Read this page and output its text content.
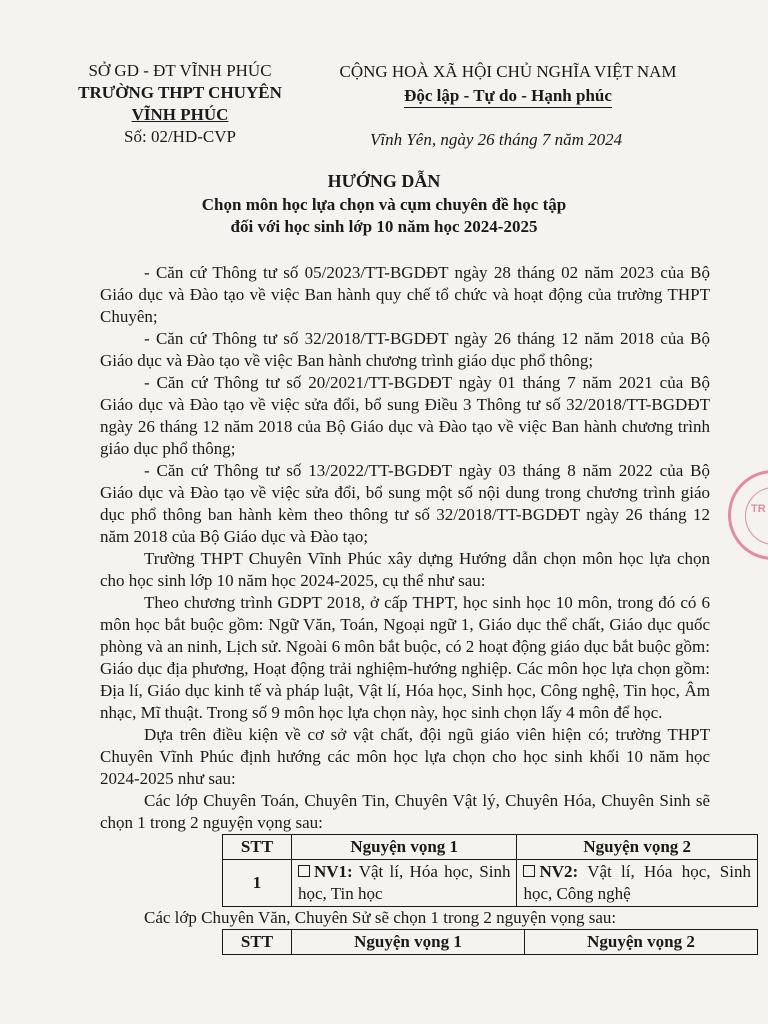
SỞ GD - ĐT VĨNH PHÚC
TRƯỜNG THPT CHUYÊN
VĨNH PHÚC
Số: 02/HD-CVP
CỘNG HOÀ XÃ HỘI CHỦ NGHĨA VIỆT NAM
Độc lập - Tự do - Hạnh phúc
Vĩnh Yên, ngày 26 tháng 7 năm 2024
HƯỚNG DẪN
Chọn môn học lựa chọn và cụm chuyên đề học tập
đối với học sinh lớp 10 năm học 2024-2025

- Căn cứ Thông tư số 05/2023/TT-BGDĐT ngày 28 tháng 02 năm 2023 của Bộ Giáo dục và Đào tạo về việc Ban hành quy chế tổ chức và hoạt động của trường THPT Chuyên;

- Căn cứ Thông tư số 32/2018/TT-BGDĐT ngày 26 tháng 12 năm 2018 của Bộ Giáo dục và Đào tạo về việc Ban hành chương trình giáo dục phổ thông;

- Căn cứ Thông tư số 20/2021/TT-BGDĐT ngày 01 tháng 7 năm 2021 của Bộ Giáo dục và Đào tạo về việc sửa đổi, bổ sung Điều 3 Thông tư số 32/2018/TT-BGDĐT ngày 26 tháng 12 năm 2018 của Bộ Giáo dục và Đào tạo về việc Ban hành chương trình giáo dục phổ thông;

- Căn cứ Thông tư số 13/2022/TT-BGDĐT ngày 03 tháng 8 năm 2022 của Bộ Giáo dục và Đào tạo về việc sửa đổi, bổ sung một số nội dung trong chương trình giáo dục phổ thông ban hành kèm theo thông tư số 32/2018/TT-BGDĐT ngày 26 tháng 12 năm 2018 của Bộ Giáo dục và Đào tạo;

Trường THPT Chuyên Vĩnh Phúc xây dựng Hướng dẫn chọn môn học lựa chọn cho học sinh lớp 10 năm học 2024-2025, cụ thể như sau:

Theo chương trình GDPT 2018, ở cấp THPT, học sinh học 10 môn, trong đó có 6 môn học bắt buộc gồm: Ngữ Văn, Toán, Ngoại ngữ 1, Giáo dục thể chất, Giáo dục quốc phòng và an ninh, Lịch sử. Ngoài 6 môn bắt buộc, có 2 hoạt động giáo dục bắt buộc gồm: Giáo dục địa phương, Hoạt động trải nghiệm-hướng nghiệp. Các môn học lựa chọn gồm: Địa lí, Giáo dục kinh tế và pháp luật, Vật lí, Hóa học, Sinh học, Công nghệ, Tin học, Âm nhạc, Mĩ thuật. Trong số 9 môn học lựa chọn này, học sinh chọn lấy 4 môn để học.

Dựa trên điều kiện về cơ sở vật chất, đội ngũ giáo viên hiện có; trường THPT Chuyên Vĩnh Phúc định hướng các môn học lựa chọn cho học sinh khối 10 năm học 2024-2025 như sau:

Các lớp Chuyên Toán, Chuyên Tin, Chuyên Vật lý, Chuyên Hóa, Chuyên Sinh sẽ chọn 1 trong 2 nguyện vọng sau:

STT	Nguyện vọng 1	Nguyện vọng 2
1	NV1: Vật lí, Hóa học, Sinh học, Tin học	NV2: Vật lí, Hóa học, Sinh học, Công nghệ

Các lớp Chuyên Văn, Chuyên Sử sẽ chọn 1 trong 2 nguyện vọng sau:

STT	Nguyện vọng 1	Nguyện vọng 2
TR
